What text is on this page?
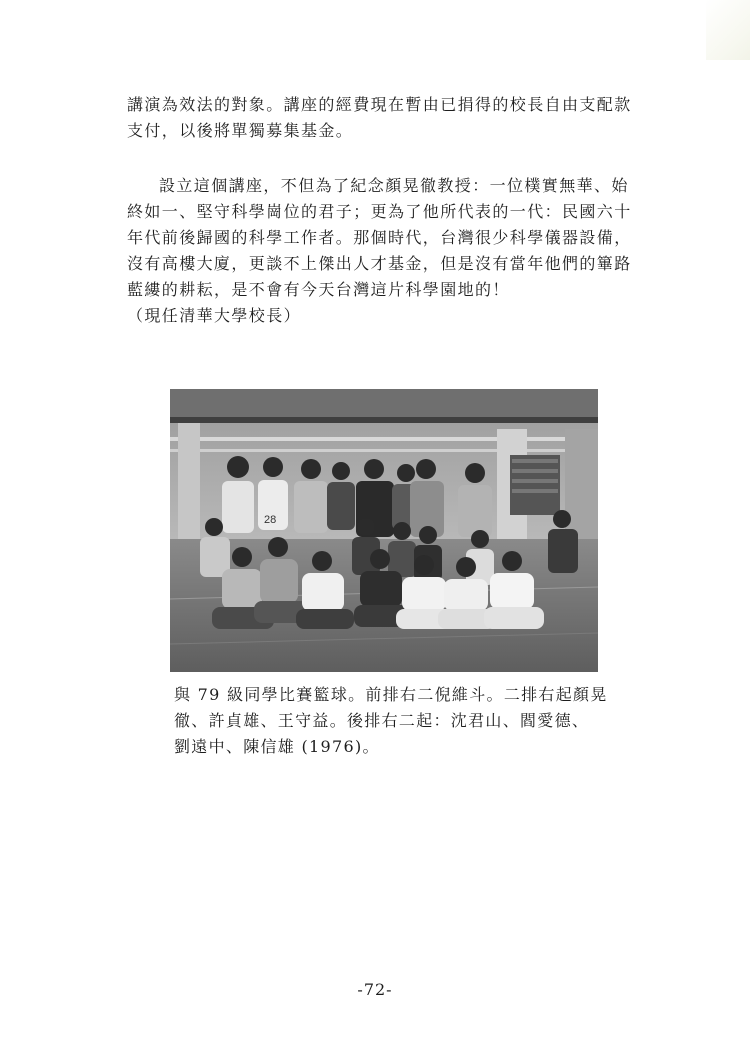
講演為效法的對象。講座的經費現在暫由已捐得的校長自由支配款
支付，以後將單獨募集基金。
設立這個講座，不但為了紀念顏晃徹教授：一位樸實無華、始
終如一、堅守科學崗位的君子；更為了他所代表的一代：民國六十
年代前後歸國的科學工作者。那個時代，台灣很少科學儀器設備，
沒有高樓大廈，更談不上傑出人才基金，但是沒有當年他們的篳路
藍縷的耕耘，是不會有今天台灣這片科學園地的！
（現任清華大學校長）
28
與 79 級同學比賽籃球。前排右二倪維斗。二排右起顏晃
徹、許貞雄、王守益。後排右二起：沈君山、閻愛德、
劉遠中、陳信雄 (1976)。
-72-
